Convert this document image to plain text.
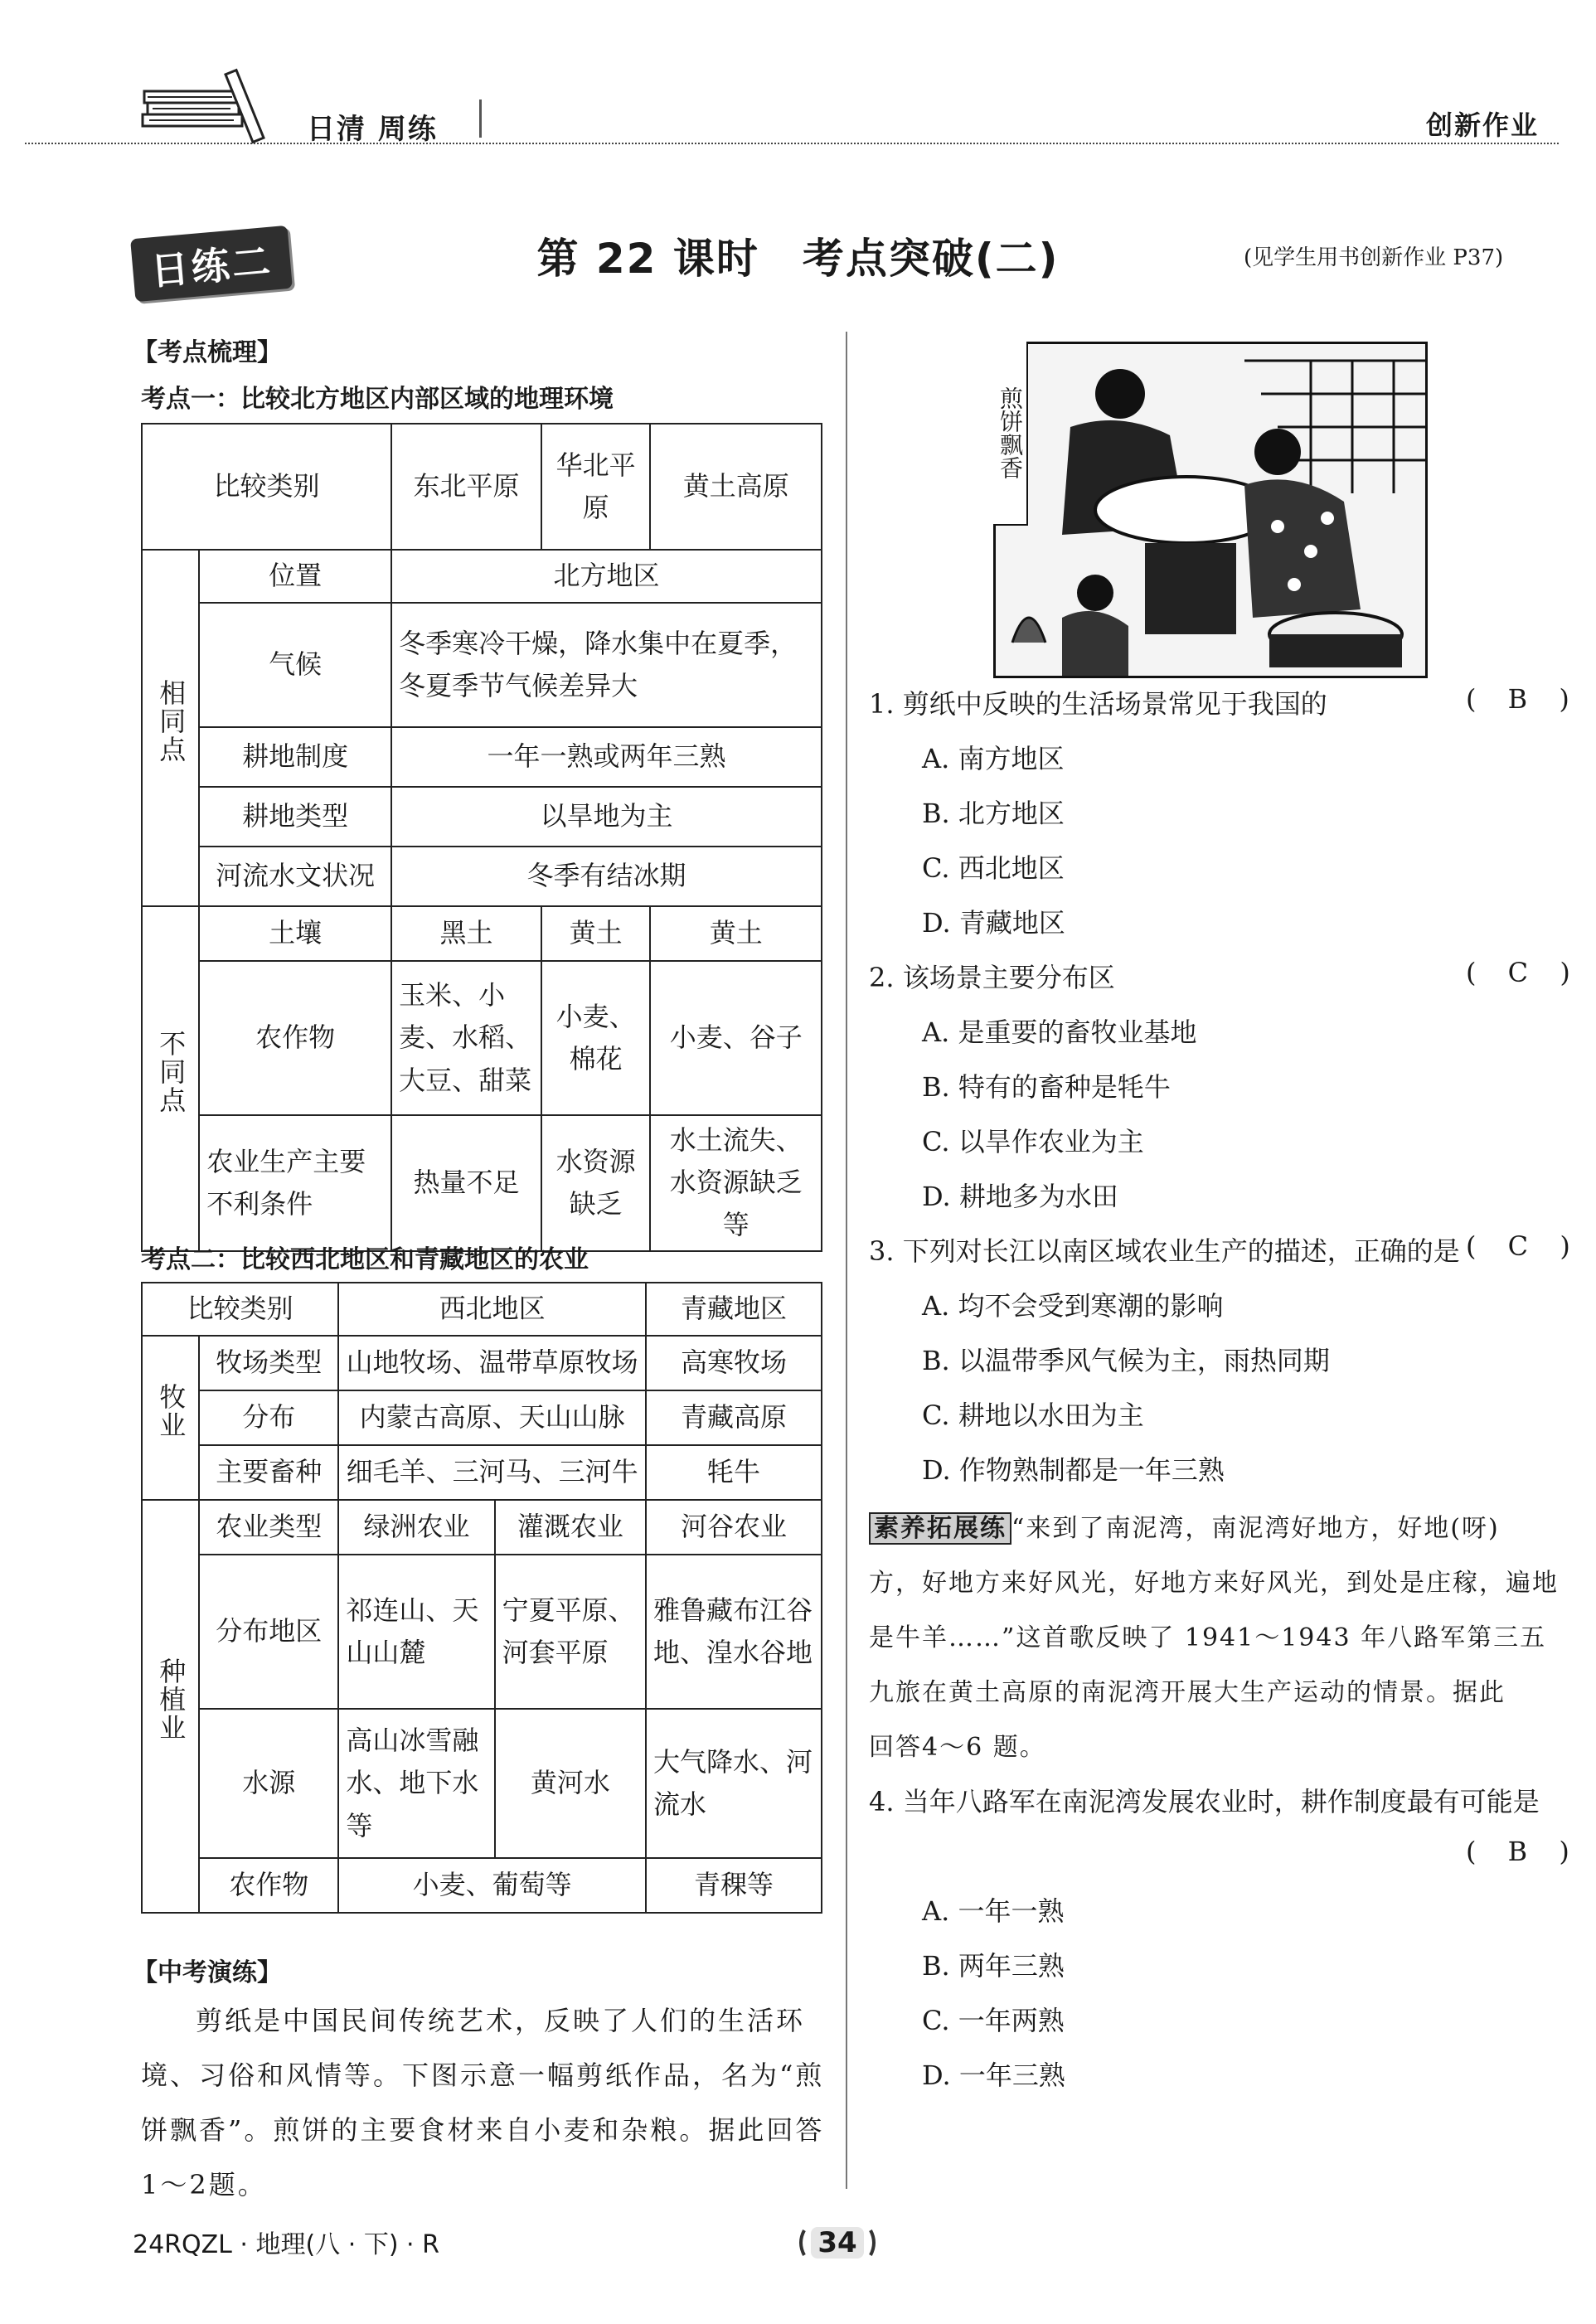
日清 周练	创新作业
日练二	第 22 课时　考点突破(二)	(见学生用书创新作业 P37)
【考点梳理】
考点一：比较北方地区内部区域的地理环境
比较类别		东北平原	华北平原	黄土高原
相同点	位置	北方地区		
	气候	冬季寒冷干燥，降水集中在夏季，冬夏季节气候差异大		
	耕地制度	一年一熟或两年三熟		
	耕地类型	以旱地为主		
	河流水文状况	冬季有结冰期		
不同点	土壤	黑土	黄土	黄土
	农作物	玉米、小麦、水稻、大豆、甜菜	小麦、棉花	小麦、谷子
	农业生产主要不利条件	热量不足	水资源缺乏	水土流失、水资源缺乏等
考点二：比较西北地区和青藏地区的农业
比较类别		西北地区		青藏地区
牧业	牧场类型	山地牧场、温带草原牧场		高寒牧场
	分布	内蒙古高原、天山山脉		青藏高原
	主要畜种	细毛羊、三河马、三河牛		牦牛
种植业	农业类型	绿洲农业	灌溉农业	河谷农业
	分布地区	祁连山、天山山麓	宁夏平原、河套平原	雅鲁藏布江谷地、湟水谷地
	水源	高山冰雪融水、地下水等	黄河水	大气降水、河流水
	农作物	小麦、葡萄等		青稞等
【中考演练】
剪纸是中国民间传统艺术，反映了人们的生活环境、习俗和风情等。下图示意一幅剪纸作品，名为“煎饼飘香”。煎饼的主要食材来自小麦和杂粮。据此回答1～2题。
煎饼飘香
1. 剪纸中反映的生活场景常见于我国的	( B )
A. 南方地区
B. 北方地区
C. 西北地区
D. 青藏地区
2. 该场景主要分布区	( C )
A. 是重要的畜牧业基地
B. 特有的畜种是牦牛
C. 以旱作农业为主
D. 耕地多为水田
3. 下列对长江以南区域农业生产的描述，正确的是 ( C )
A. 均不会受到寒潮的影响
B. 以温带季风气候为主，雨热同期
C. 耕地以水田为主
D. 作物熟制都是一年三熟
素养拓展练 “来到了南泥湾，南泥湾好地方，好地(呀)
方，好地方来好风光，好地方来好风光，到处是庄稼，遍地
是牛羊……”这首歌反映了 1941～1943 年八路军第三五
九旅在黄土高原的南泥湾开展大生产运动的情景。据此
回答4～6 题。
4. 当年八路军在南泥湾发展农业时，耕作制度最有可能是
( B )
A. 一年一熟
B. 两年三熟
C. 一年两熟
D. 一年三熟
24RQZL · 地理(八 · 下) · R	34
